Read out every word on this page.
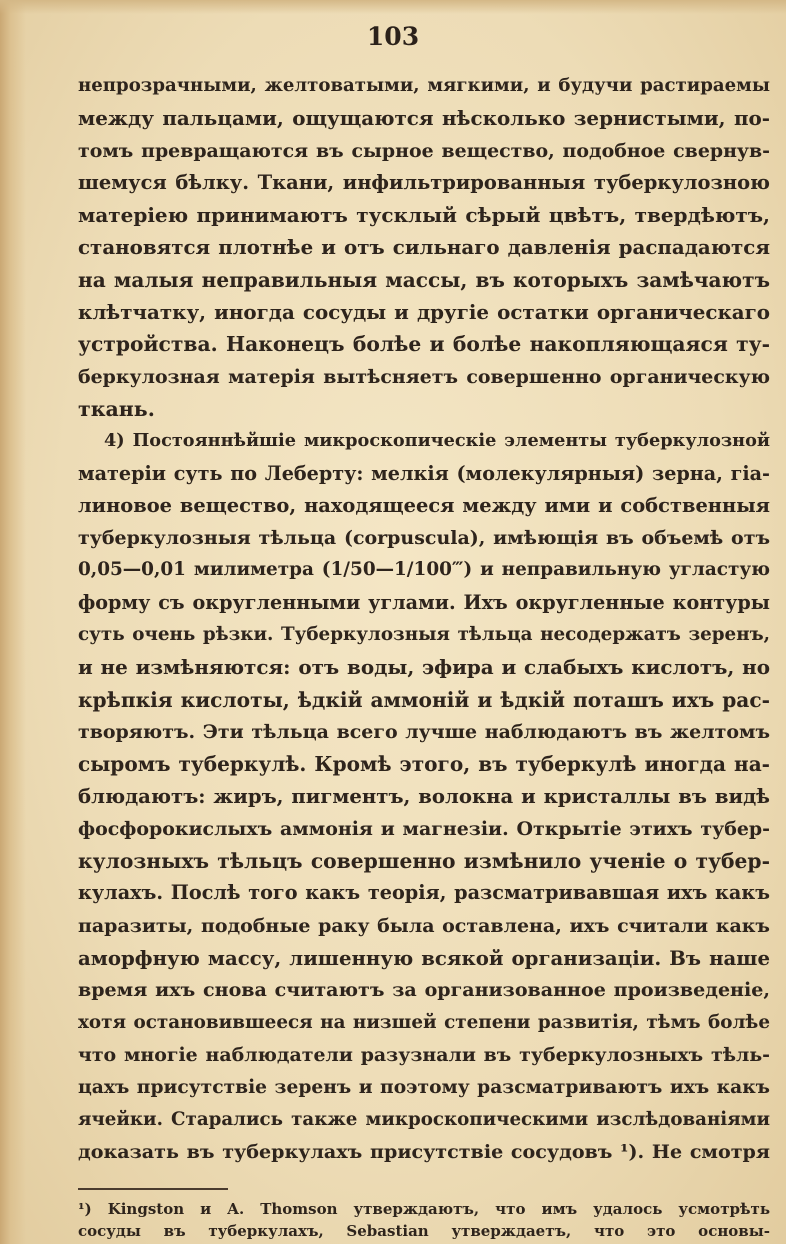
103
непрозрачными, желтоватыми, мягкими, и будучи растираемы
между пальцами, ощущаются нѣсколько зернистыми, по-
томъ превращаются въ сырное вещество, подобное свернув-
шемуся бѣлку. Ткани, инфильтрированныя туберкулозною
матеріею принимаютъ тусклый сѣрый цвѣтъ, твердѣютъ,
становятся плотнѣе и отъ сильнаго давленія распадаются
на малыя неправильныя массы, въ которыхъ замѣчаютъ
клѣтчатку, иногда сосуды и другіе остатки органическаго
устройства. Наконецъ болѣе и болѣе накопляющаяся ту-
беркулозная матерія вытѣсняетъ совершенно органическую
ткань.
4) Постояннѣйшіе микроскопическіе элементы туберкулозной
матеріи суть по Леберту: мелкія (молекулярныя) зерна, гіа-
линовое вещество, находящееся между ими и собственныя
туберкулозныя тѣльца (corpuscula), имѣющія въ объемѣ отъ
0,05—0,01 милиметра (1/50—1/100‴) и неправильную угластую
форму съ округленными углами. Ихъ округленные контуры
суть очень рѣзки. Туберкулозныя тѣльца несодержатъ зеренъ,
и не измѣняются: отъ воды, эфира и слабыхъ кислотъ, но
крѣпкія кислоты, ѣдкій аммоній и ѣдкій поташъ ихъ рас-
творяютъ. Эти тѣльца всего лучше наблюдаютъ въ желтомъ
сыромъ туберкулѣ. Кромѣ этого, въ туберкулѣ иногда на-
блюдаютъ: жиръ, пигментъ, волокна и кристаллы въ видѣ
фосфорокислыхъ аммонія и магнезіи. Открытіе этихъ тубер-
кулозныхъ тѣльцъ совершенно измѣнило ученіе о тубер-
кулахъ. Послѣ того какъ теорія, разсматривавшая ихъ какъ
паразиты, подобные раку была оставлена, ихъ считали какъ
аморфную массу, лишенную всякой организаціи. Въ наше
время ихъ снова считаютъ за организованное произведеніе,
хотя остановившееся на низшей степени развитія, тѣмъ болѣе
что многіе наблюдатели разузнали въ туберкулозныхъ тѣль-
цахъ присутствіе зеренъ и поэтому разсматриваютъ ихъ какъ
ячейки. Старались также микроскопическими изслѣдованіями
доказать въ туберкулахъ присутствіе сосудовъ ¹). Не смотря
¹) Kingston и A. Thomson утверждаютъ, что имъ удалось усмотрѣть
сосуды въ туберкулахъ, Sebastian утверждаетъ, что это основы-
